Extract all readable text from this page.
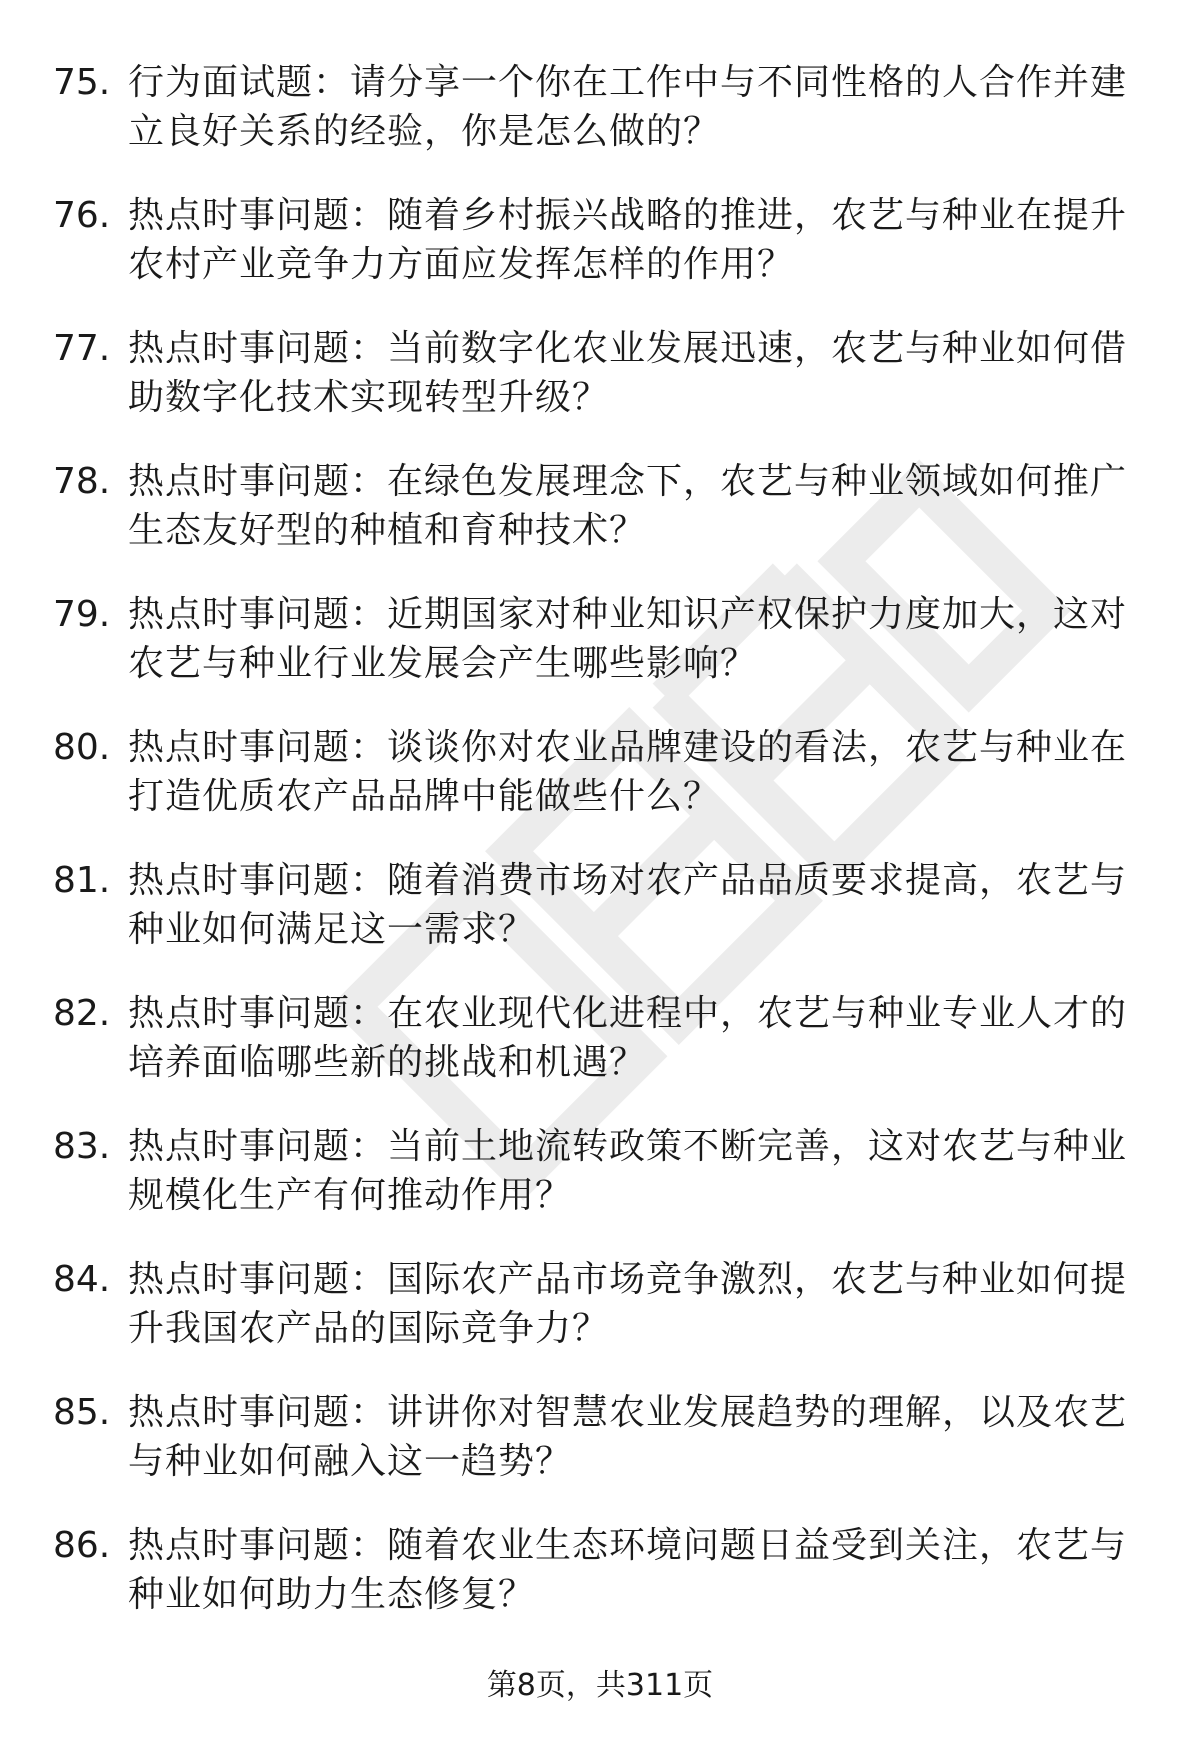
75. 行为面试题：请分享一个你在工作中与不同性格的人合作并建立良好关系的经验，你是怎么做的？
76. 热点时事问题：随着乡村振兴战略的推进，农艺与种业在提升农村产业竞争力方面应发挥怎样的作用？
77. 热点时事问题：当前数字化农业发展迅速，农艺与种业如何借助数字化技术实现转型升级？
78. 热点时事问题：在绿色发展理念下，农艺与种业领域如何推广生态友好型的种植和育种技术？
79. 热点时事问题：近期国家对种业知识产权保护力度加大，这对农艺与种业行业发展会产生哪些影响？
80. 热点时事问题：谈谈你对农业品牌建设的看法，农艺与种业在打造优质农产品品牌中能做些什么？
81. 热点时事问题：随着消费市场对农产品品质要求提高，农艺与种业如何满足这一需求？
82. 热点时事问题：在农业现代化进程中，农艺与种业专业人才的培养面临哪些新的挑战和机遇？
83. 热点时事问题：当前土地流转政策不断完善，这对农艺与种业规模化生产有何推动作用？
84. 热点时事问题：国际农产品市场竞争激烈，农艺与种业如何提升我国农产品的国际竞争力？
85. 热点时事问题：讲讲你对智慧农业发展趋势的理解，以及农艺与种业如何融入这一趋势？
86. 热点时事问题：随着农业生态环境问题日益受到关注，农艺与种业如何助力生态修复？
第8页，共311页
